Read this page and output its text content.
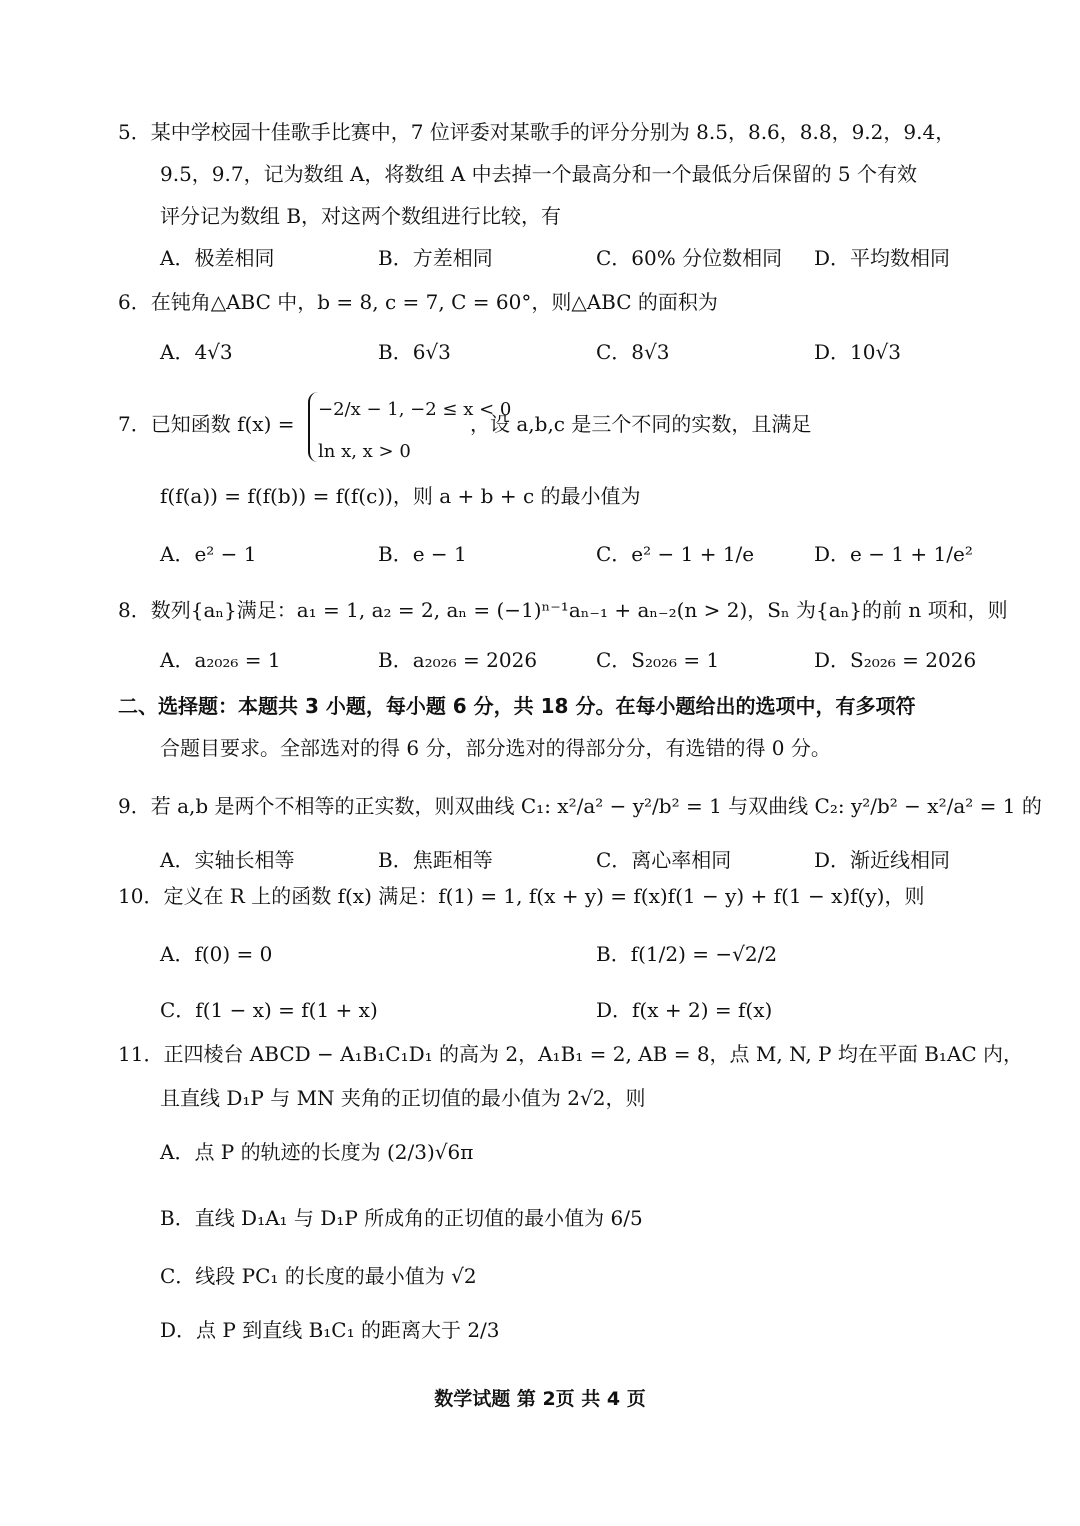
5．某中学校园十佳歌手比赛中，7 位评委对某歌手的评分分别为 8.5，8.6，8.8，9.2，9.4，
9.5，9.7，记为数组 A，将数组 A 中去掉一个最高分和一个最低分后保留的 5 个有效
评分记为数组 B，对这两个数组进行比较，有
A．极差相同	B．方差相同	C．60% 分位数相同 D．平均数相同
6．在钝角△ABC 中，b = 8, c = 7, C = 60°，则△ABC 的面积为
A．4√3	B．6√3	C．8√3	D．10√3
7．已知函数 f(x) =
−2/x − 1, −2 ≤ x < 0
ln x, x > 0
，设 a,b,c 是三个不同的实数，且满足
f(f(a)) = f(f(b)) = f(f(c))，则 a + b + c 的最小值为
A．e² − 1	B．e − 1	C．e² − 1 + 1/e	D．e − 1 + 1/e²
8．数列{aₙ}满足：a₁ = 1, a₂ = 2, aₙ = (−1)ⁿ⁻¹aₙ₋₁ + aₙ₋₂(n > 2)，Sₙ 为{aₙ}的前 n 项和，则
A．a₂₀₂₆ = 1	B．a₂₀₂₆ = 2026	C．S₂₀₂₆ = 1	D．S₂₀₂₆ = 2026
二、选择题：本题共 3 小题，每小题 6 分，共 18 分。在每小题给出的选项中，有多项符
合题目要求。全部选对的得 6 分，部分选对的得部分分，有选错的得 0 分。
9．若 a,b 是两个不相等的正实数，则双曲线 C₁: x²/a² − y²/b² = 1 与双曲线 C₂: y²/b² − x²/a² = 1 的
A．实轴长相等	B．焦距相等	C．离心率相同	D．渐近线相同
10．定义在 R 上的函数 f(x) 满足：f(1) = 1, f(x + y) = f(x)f(1 − y) + f(1 − x)f(y)，则
A．f(0) = 0	B．f(1/2) = −√2/2
C．f(1 − x) = f(1 + x)	D．f(x + 2) = f(x)
11．正四棱台 ABCD − A₁B₁C₁D₁ 的高为 2，A₁B₁ = 2, AB = 8，点 M, N, P 均在平面 B₁AC 内，
且直线 D₁P 与 MN 夹角的正切值的最小值为 2√2，则
A．点 P 的轨迹的长度为 (2/3)√6π
B．直线 D₁A₁ 与 D₁P 所成角的正切值的最小值为 6/5
C．线段 PC₁ 的长度的最小值为 √2
D．点 P 到直线 B₁C₁ 的距离大于 2/3
数学试题 第 2页 共 4 页
